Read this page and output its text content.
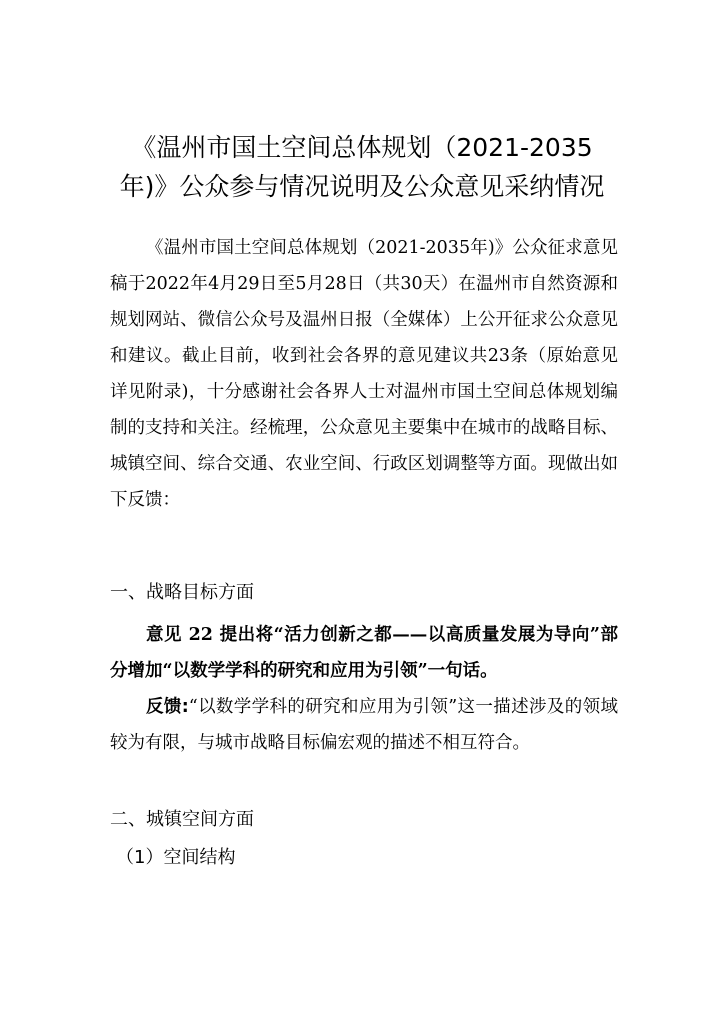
《温州市国土空间总体规划（2021-2035
年)》公众参与情况说明及公众意见采纳情况
《温州市国土空间总体规划（2021-2035年)》公众征求意见稿于2022年4月29日至5月28日（共30天）在温州市自然资源和规划网站、微信公众号及温州日报（全媒体）上公开征求公众意见和建议。截止目前，收到社会各界的意见建议共23条（原始意见详见附录)，十分感谢社会各界人士对温州市国土空间总体规划编制的支持和关注。经梳理，公众意见主要集中在城市的战略目标、城镇空间、综合交通、农业空间、行政区划调整等方面。现做出如下反馈：
一、战略目标方面
意见 22 提出将“活力创新之都——以高质量发展为导向”部分增加“以数学学科的研究和应用为引领”一句话。
反馈:“以数学学科的研究和应用为引领”这一描述涉及的领域较为有限，与城市战略目标偏宏观的描述不相互符合。
二、城镇空间方面
（1）空间结构
